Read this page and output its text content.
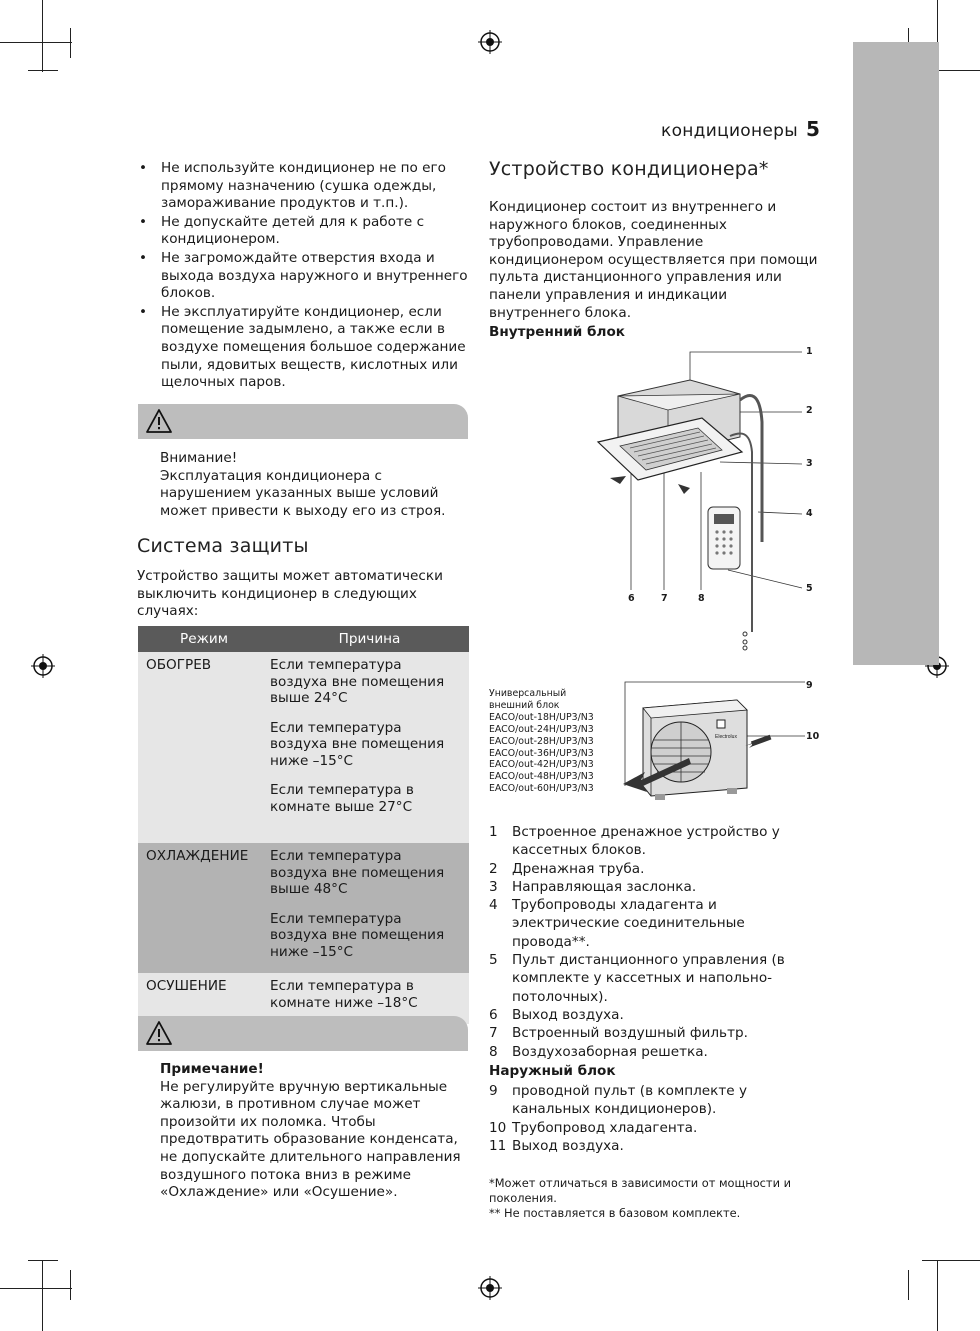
кондиционеры 5
• Не используйте кондиционер не по его прямому назначению (сушка одежды, замораживание продуктов и т.п.).
• Не допускайте детей для к работе с кондиционером.
• Не загромождайте отверстия входа и выхода воздуха наружного и внутреннего блоков.
• Не эксплуатируйте кондиционер, если помещение задымлено, а также если в воздухе помещения большое содержание пыли, ядовитых веществ, кислотных или щелочных паров.
Внимание!
Эксплуатация кондиционера с нарушением указанных выше условий может привести к выходу его из строя.
Система защиты
Устройство защиты может автоматически выключить кондиционер в следующих случаях:
Режим	Причина
ОБОГРЕВ	Если температура воздуха вне помещения выше 24°C
Если температура воздуха вне помещения ниже –15°C
Если температура в комнате выше 27°C

ОХЛАЖДЕНИЕ	Если температура воздуха вне помещения выше 48°C
Если температура воздуха вне помещения ниже –15°C

ОСУШЕНИЕ	Если температура в комнате ниже –18°C
Примечание!
Не регулируйте вручную вертикальные жалюзи, в противном случае может произойти их поломка. Чтобы предотвратить образование конденсата, не допускайте длительного направления воздушного потока вниз в режиме «Охлаждение» или «Осушение».
Устройство кондиционера*
Кондиционер состоит из внутреннего и наружного блоков, соединенных трубопроводами. Управление кондиционером осуществляется при помощи пульта дистанционного управления или панели управления и индикации внутреннего блока.
Внутренний блок
1
2
3
4
5
6	7	8
Универсальный
внешний блок
EACO/out-18H/UP3/N3
EACO/out-24H/UP3/N3
EACO/out-28H/UP3/N3
EACO/out-36H/UP3/N3
EACO/out-42H/UP3/N3
EACO/out-48H/UP3/N3
EACO/out-60H/UP3/N3
Electrolux
9
10
1 Встроенное дренажное устройство у кассетных блоков.
2 Дренажная труба.
3 Направляющая заслонка.
4 Трубопроводы хладагента и электрические соединительные провода**.
5 Пульт дистанционного управления (в комплекте у кассетных и напольно-потолочных).
6 Выход воздуха.
7 Встроенный воздушный фильтр.
8 Воздухозаборная решетка.
Наружный блок
9 проводной пульт (в комплекте у канальных кондиционеров).
10 Трубопровод хладагента.
11 Выход воздуха.
*Может отличаться в зависимости от мощности и поколения.
** Не поставляется в базовом комплекте.
